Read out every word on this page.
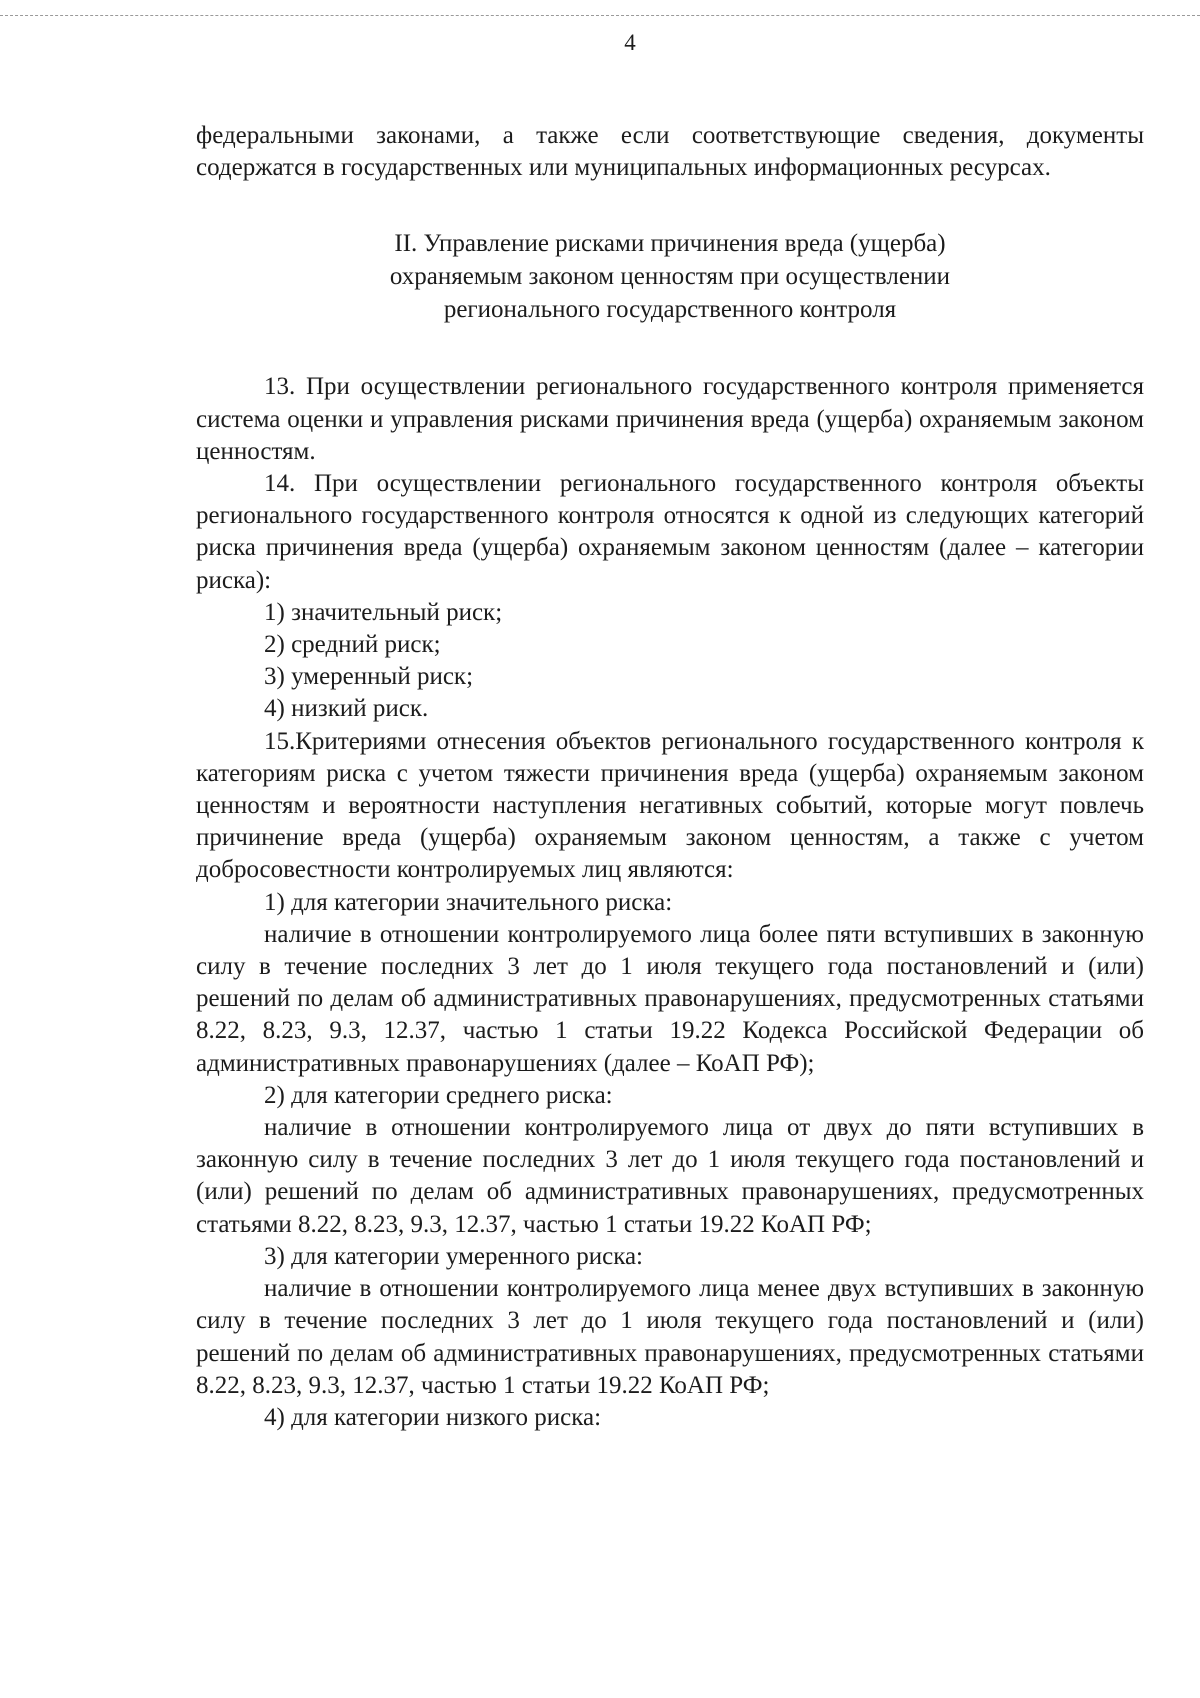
4

федеральными законами, а также если соответствующие сведения, документы содержатся в государственных или муниципальных информационных ресурсах.

II. Управление рисками причинения вреда (ущерба)
охраняемым законом ценностям при осуществлении
регионального государственного контроля

13. При осуществлении регионального государственного контроля применяется система оценки и управления рисками причинения вреда (ущерба) охраняемым законом ценностям.

14. При осуществлении регионального государственного контроля объекты регионального государственного контроля относятся к одной из следующих категорий риска причинения вреда (ущерба) охраняемым законом ценностям (далее – категории риска):

1) значительный риск;

2) средний риск;

3) умеренный риск;

4) низкий риск.

15.Критериями отнесения объектов регионального государственного контроля к категориям риска с учетом тяжести причинения вреда (ущерба) охраняемым законом ценностям и вероятности наступления негативных событий, которые могут повлечь причинение вреда (ущерба) охраняемым законом ценностям, а также с учетом добросовестности контролируемых лиц являются:

1) для категории значительного риска:

наличие в отношении контролируемого лица более пяти вступивших в законную силу в течение последних 3 лет до 1 июля текущего года постановлений и (или) решений по делам об административных правонарушениях, предусмотренных статьями 8.22, 8.23, 9.3, 12.37, частью 1 статьи 19.22 Кодекса Российской Федерации об административных правонарушениях (далее – КоАП РФ);

2) для категории среднего риска:

наличие в отношении контролируемого лица от двух до пяти вступивших в законную силу в течение последних 3 лет до 1 июля текущего года постановлений и (или) решений по делам об административных правонарушениях, предусмотренных статьями 8.22, 8.23, 9.3, 12.37, частью 1 статьи 19.22 КоАП РФ;

3) для категории умеренного риска:

наличие в отношении контролируемого лица менее двух вступивших в законную силу в течение последних 3 лет до 1 июля текущего года постановлений и (или) решений по делам об административных правонарушениях, предусмотренных статьями 8.22, 8.23, 9.3, 12.37, частью 1 статьи 19.22 КоАП РФ;

4) для категории низкого риска:
